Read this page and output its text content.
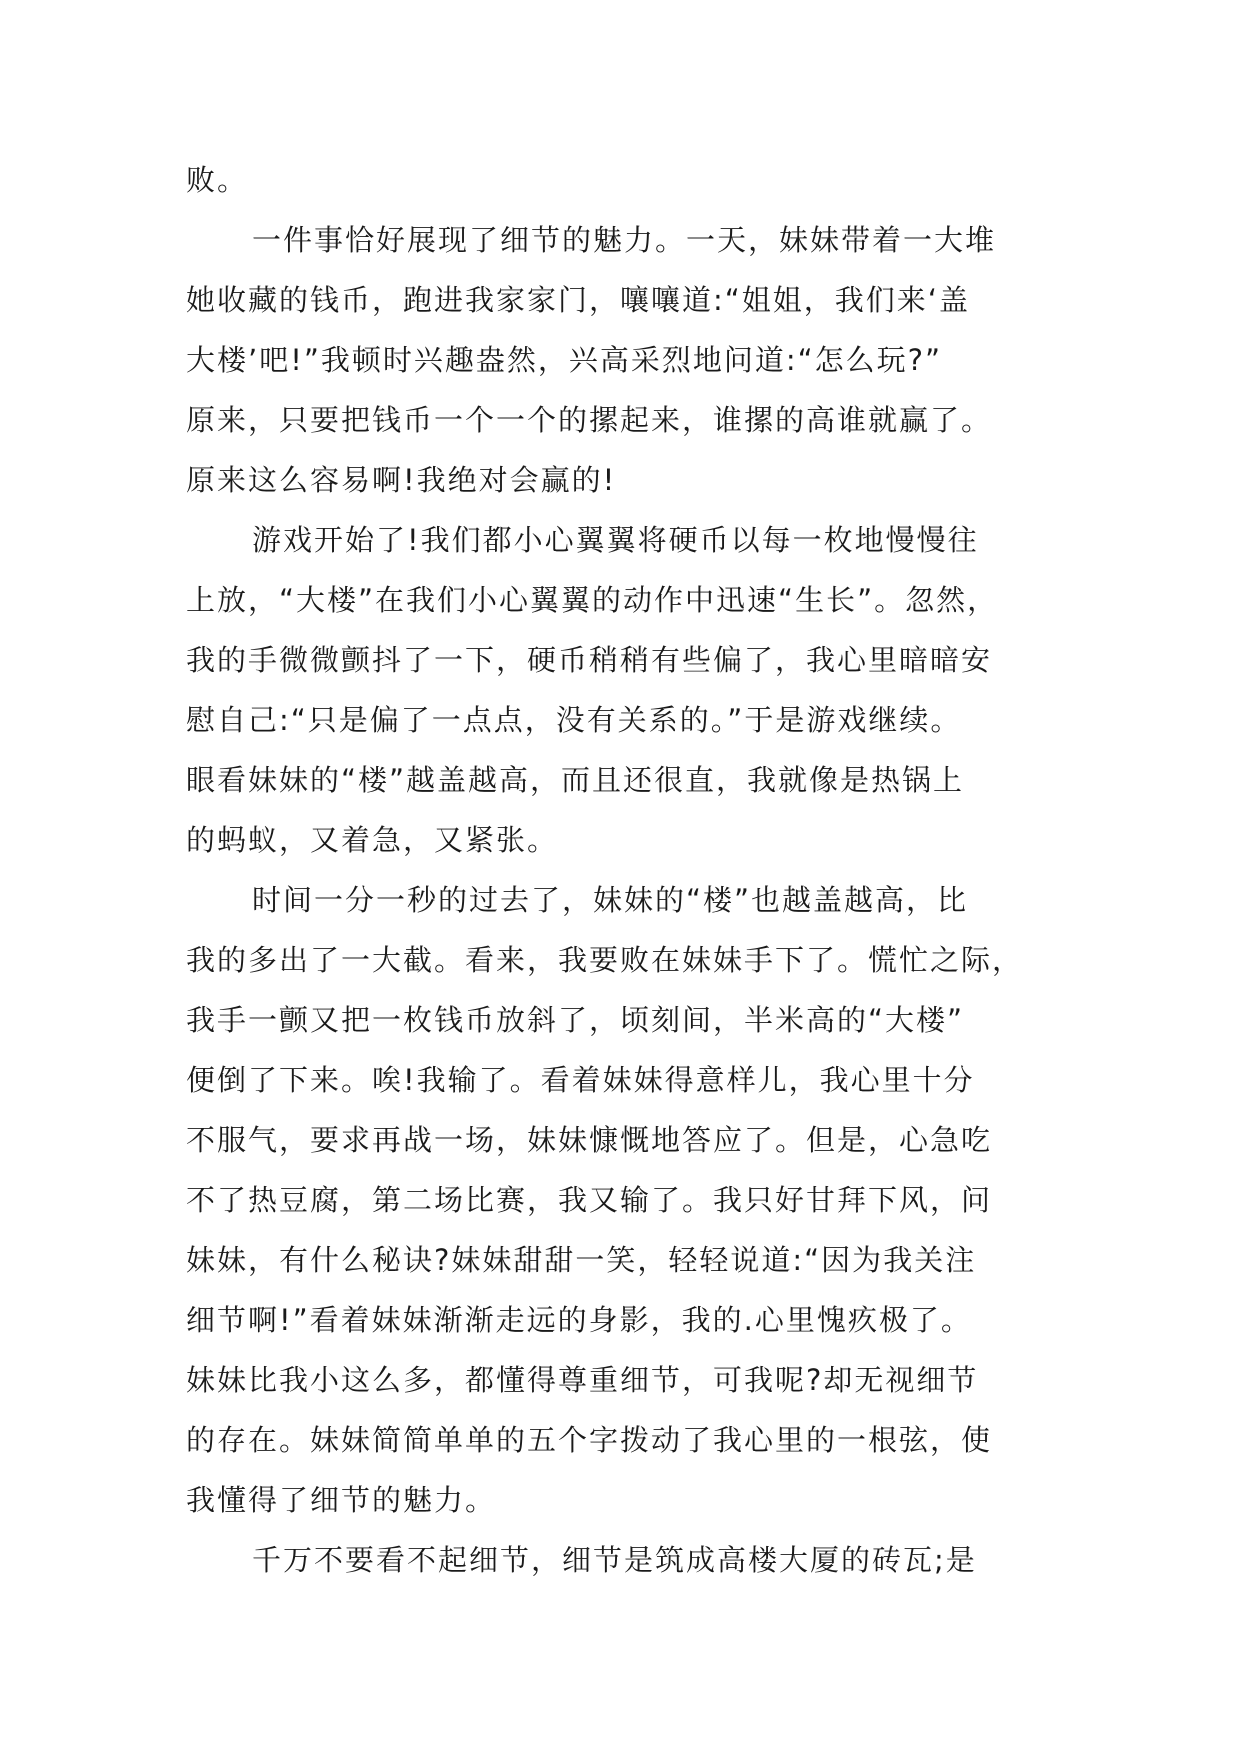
败。
一件事恰好展现了细节的魅力。一天，妹妹带着一大堆
她收藏的钱币，跑进我家家门，嚷嚷道:“姐姐，我们来‘盖
大楼’吧!”我顿时兴趣盎然，兴高采烈地问道:“怎么玩?”
原来，只要把钱币一个一个的摞起来，谁摞的高谁就赢了。
原来这么容易啊!我绝对会赢的!
游戏开始了!我们都小心翼翼将硬币以每一枚地慢慢往
上放，“大楼”在我们小心翼翼的动作中迅速“生长”。忽然，
我的手微微颤抖了一下，硬币稍稍有些偏了，我心里暗暗安
慰自己:“只是偏了一点点，没有关系的。”于是游戏继续。
眼看妹妹的“楼”越盖越高，而且还很直，我就像是热锅上
的蚂蚁，又着急，又紧张。
时间一分一秒的过去了，妹妹的“楼”也越盖越高，比
我的多出了一大截。看来，我要败在妹妹手下了。慌忙之际，
我手一颤又把一枚钱币放斜了，顷刻间，半米高的“大楼”
便倒了下来。唉!我输了。看着妹妹得意样儿，我心里十分
不服气，要求再战一场，妹妹慷慨地答应了。但是，心急吃
不了热豆腐，第二场比赛，我又输了。我只好甘拜下风，问
妹妹，有什么秘诀?妹妹甜甜一笑，轻轻说道:“因为我关注
细节啊!”看着妹妹渐渐走远的身影，我的.心里愧疚极了。
妹妹比我小这么多，都懂得尊重细节，可我呢?却无视细节
的存在。妹妹简简单单的五个字拨动了我心里的一根弦，使
我懂得了细节的魅力。
千万不要看不起细节，细节是筑成高楼大厦的砖瓦;是
